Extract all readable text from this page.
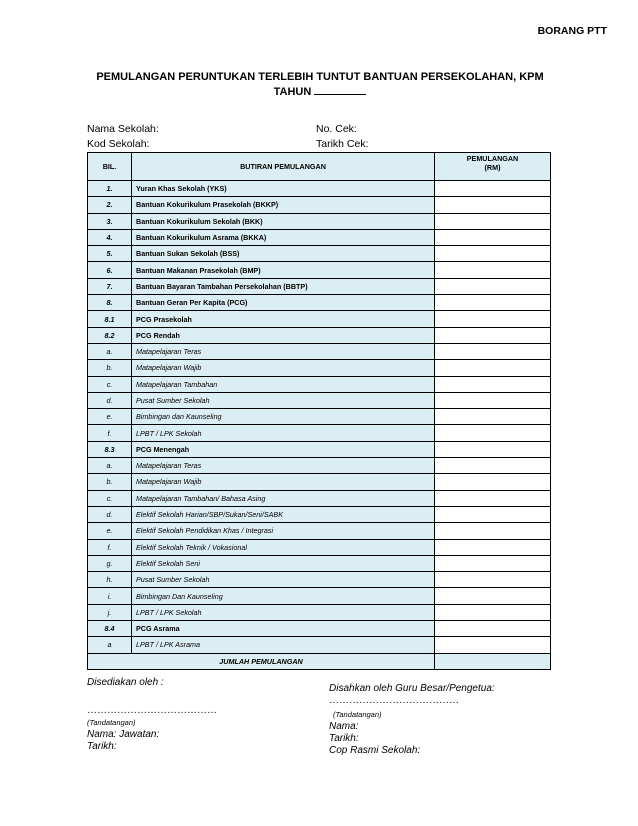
BORANG PTT
PEMULANGAN PERUNTUKAN TERLEBIH TUNTUT BANTUAN PERSEKOLAHAN, KPM
TAHUN
Nama Sekolah:
Kod Sekolah:
No. Cek:
Tarikh Cek:
BIL.	BUTIRAN PEMULANGAN	PEMULANGAN
(RM)

1.	Yuran Khas Sekolah (YKS)	
2.	Bantuan Kokurikulum Prasekolah (BKKP)	
3.	Bantuan Kokurikulum Sekolah (BKK)	
4.	Bantuan Kokurikulum Asrama (BKKA)	
5.	Bantuan Sukan Sekolah (BSS)	
6.	Bantuan Makanan Prasekolah (BMP)	
7.	Bantuan Bayaran Tambahan Persekolahan (BBTP)	
8.	Bantuan Geran Per Kapita (PCG)	
8.1	PCG Prasekolah	
8.2	PCG Rendah	
a.	Matapelajaran Teras	
b.	Matapelajaran Wajib	
c.	Matapelajaran Tambahan	
d.	Pusat Sumber Sekolah	
e.	Bimbingan dan Kaunseling	
f.	LPBT / LPK Sekolah	
8.3	PCG Menengah	
a.	Matapelajaran Teras	
b.	Matapelajaran Wajib	
c.	Matapelajaran Tambahan/ Bahasa Asing	
d.	Elektif Sekolah Harian/SBP/Sukan/Seni/SABK	
e.	Elektif Sekolah Pendidikan Khas / Integrasi	
f.	Elektif Sekolah Teknik / Vokasional	
g.	Elektif Sekolah Seni	
h.	Pusat Sumber Sekolah	
i.	Bimbingan Dan Kaunseling	
j.	LPBT / LPK Sekolah	
8.4	PCG Asrama	
a	LPBT / LPK Asrama	
JUMLAH PEMULANGAN		
Disediakan oleh :
…………………………………
(Tandatangan)
Nama: Jawatan:
Tarikh:
Disahkan oleh Guru Besar/Pengetua:
…………………………………
(Tandatangan)
Nama:
Tarikh:
Cop Rasmi Sekolah:
